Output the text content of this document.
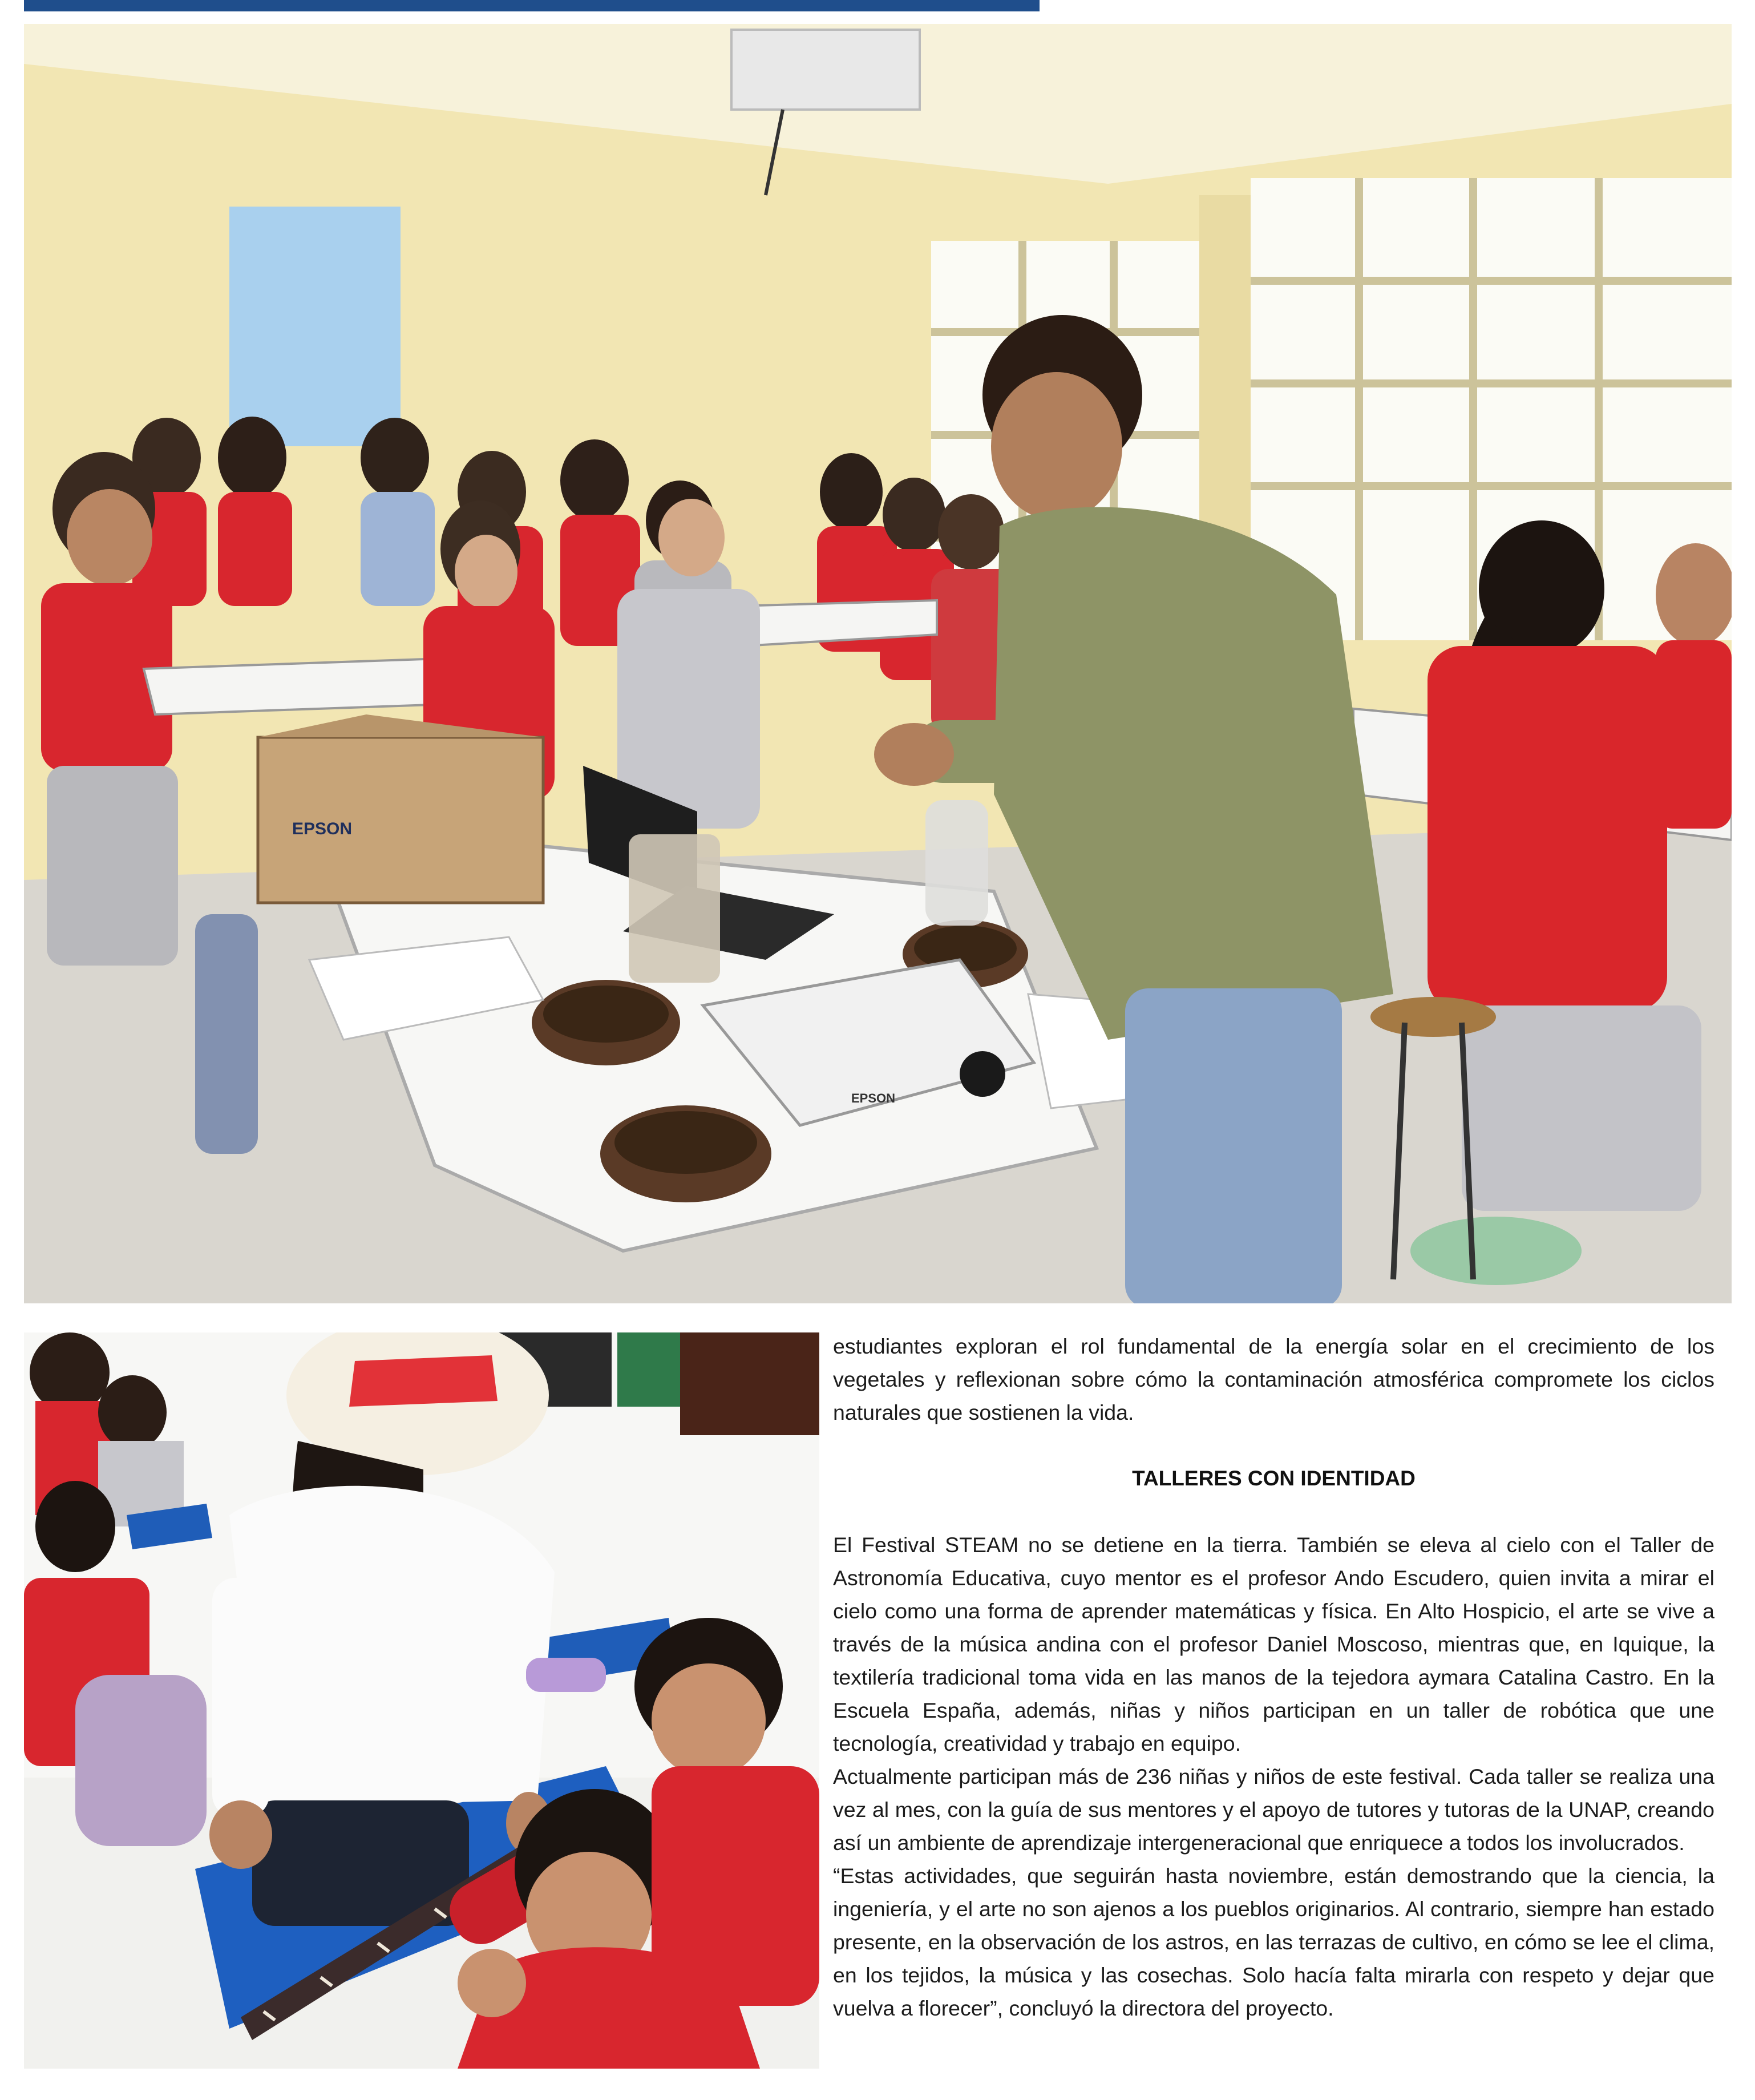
EPSON
EPSON

estudiantes exploran el rol fundamental de la energía solar en el crecimiento de los vegetales y reflexionan sobre cómo la contaminación atmosférica compromete los ciclos naturales que sostienen la vida.

TALLERES CON IDENTIDAD

El Festival STEAM no se detiene en la tierra. También se eleva al cielo con el Taller de Astronomía Educativa, cuyo mentor es el profesor Ando Escudero, quien invita a mirar el cielo como una forma de aprender matemáticas y física. En Alto Hospicio, el arte se vive a través de la música andina con el profesor Daniel Moscoso, mientras que, en Iquique, la textilería tradicional toma vida en las manos de la tejedora aymara Catalina Castro. En la Escuela España, además, niñas y niños participan en un taller de robótica que une tecnología, creatividad y trabajo en equipo.

Actualmente participan más de 236 niñas y niños de este festival. Cada taller se realiza una vez al mes, con la guía de sus mentores y el apoyo de tutores y tutoras de la UNAP, creando así un ambiente de aprendizaje intergeneracional que enriquece a todos los involucrados.

“Estas actividades, que seguirán hasta noviembre, están demostrando que la ciencia, la ingeniería, y el arte no son ajenos a los pueblos originarios. Al contrario, siempre han estado presente, en la observación de los astros, en las terrazas de cultivo, en cómo se lee el clima, en los tejidos, la música y las cosechas. Solo hacía falta mirarla con respeto y dejar que vuelva a florecer”, concluyó la directora del proyecto.
